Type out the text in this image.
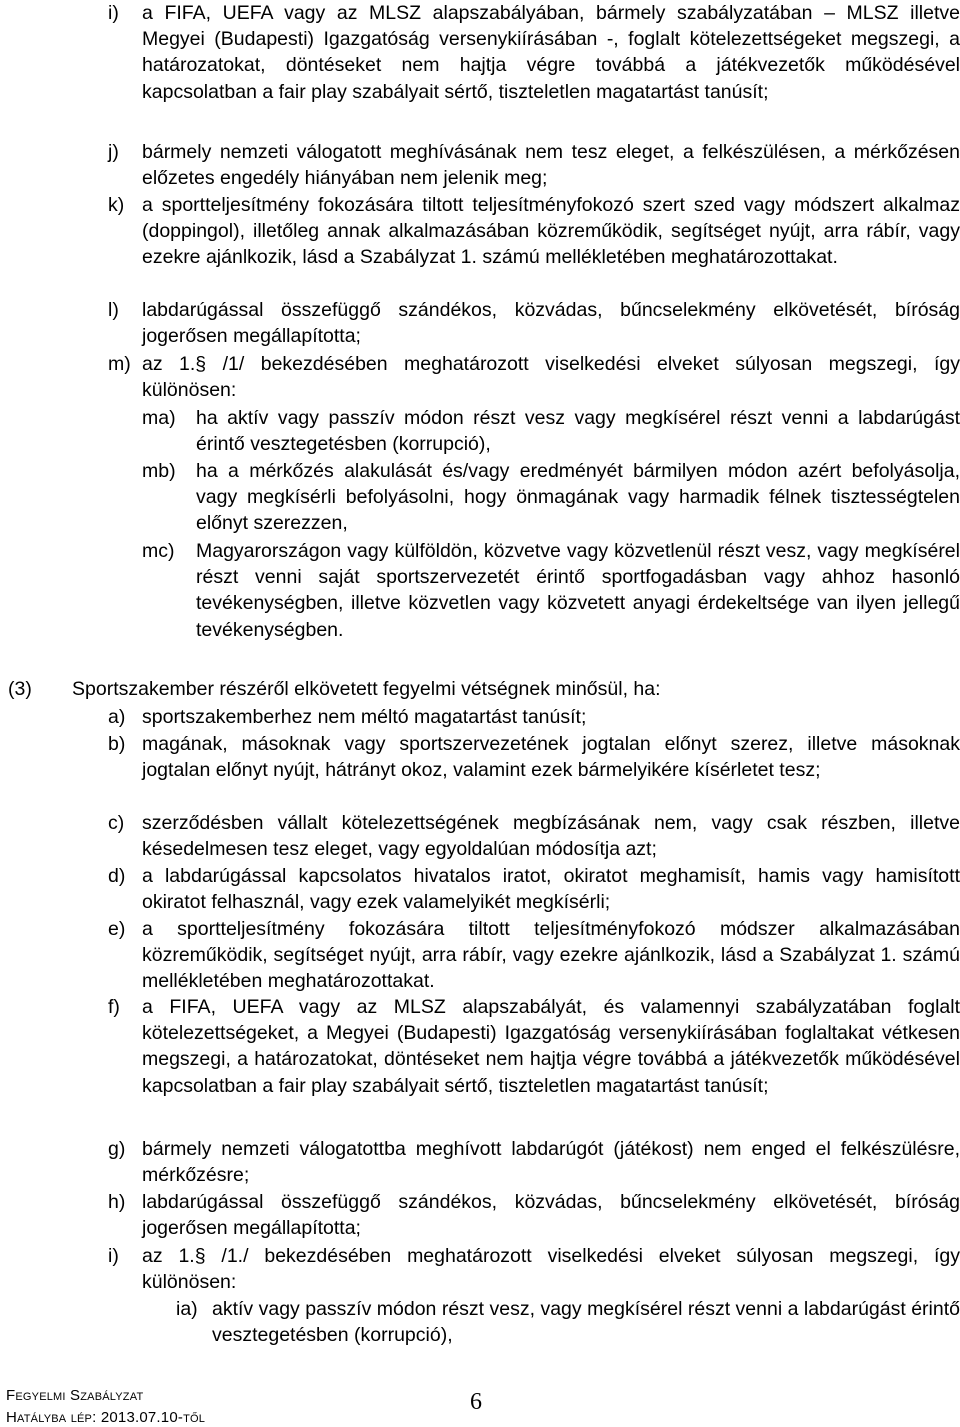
i) a FIFA, UEFA vagy az MLSZ alapszabályában, bármely szabályzatában – MLSZ illetve Megyei (Budapesti) Igazgatóság versenykiírásában -, foglalt kötelezettségeket megszegi, a határozatokat, döntéseket nem hajtja végre továbbá a játékvezetők működésével kapcsolatban a fair play szabályait sértő, tiszteletlen magatartást tanúsít;
j) bármely nemzeti válogatott meghívásának nem tesz eleget, a felkészülésen, a mérkőzésen előzetes engedély hiányában nem jelenik meg;
k) a sportteljesítmény fokozására tiltott teljesítményfokozó szert szed vagy módszert alkalmaz (doppingol), illetőleg annak alkalmazásában közreműködik, segítséget nyújt, arra rábír, vagy ezekre ajánlkozik, lásd a Szabályzat 1. számú mellékletében meghatározottakat.
l) labdarúgással összefüggő szándékos, közvádas, bűncselekmény elkövetését, bíróság jogerősen megállapította;
m) az 1.§ /1/ bekezdésében meghatározott viselkedési elveket súlyosan megszegi, így különösen:
ma) ha aktív vagy passzív módon részt vesz vagy megkísérel részt venni a labdarúgást érintő vesztegetésben (korrupció),
mb) ha a mérkőzés alakulását és/vagy eredményét bármilyen módon azért befolyásolja, vagy megkísérli befolyásolni, hogy önmagának vagy harmadik félnek tisztességtelen előnyt szerezzen,
mc) Magyarországon vagy külföldön, közvetve vagy közvetlenül részt vesz, vagy megkísérel részt venni saját sportszervezetét érintő sportfogadásban vagy ahhoz hasonló tevékenységben, illetve közvetlen vagy közvetett anyagi érdekeltsége van ilyen jellegű tevékenységben.
(3) Sportszakember részéről elkövetett fegyelmi vétségnek minősül, ha:
a) sportszakemberhez nem méltó magatartást tanúsít;
b) magának, másoknak vagy sportszervezetének jogtalan előnyt szerez, illetve másoknak jogtalan előnyt nyújt, hátrányt okoz, valamint ezek bármelyikére kísérletet tesz;
c) szerződésben vállalt kötelezettségének megbízásának nem, vagy csak részben, illetve késedelmesen tesz eleget, vagy egyoldalúan módosítja azt;
d) a labdarúgással kapcsolatos hivatalos iratot, okiratot meghamisít, hamis vagy hamisított okiratot felhasznál, vagy ezek valamelyikét megkísérli;
e) a sportteljesítmény fokozására tiltott teljesítményfokozó módszer alkalmazásában közreműködik, segítséget nyújt, arra rábír, vagy ezekre ajánlkozik, lásd a Szabályzat 1. számú mellékletében meghatározottakat.
f) a FIFA, UEFA vagy az MLSZ alapszabályát, és valamennyi szabályzatában foglalt kötelezettségeket, a Megyei (Budapesti) Igazgatóság versenykiírásában foglaltakat vétkesen megszegi, a határozatokat, döntéseket nem hajtja végre továbbá a játékvezetők működésével kapcsolatban a fair play szabályait sértő, tiszteletlen magatartást tanúsít;
g) bármely nemzeti válogatottba meghívott labdarúgót (játékost) nem enged el felkészülésre, mérkőzésre;
h) labdarúgással összefüggő szándékos, közvádas, bűncselekmény elkövetését, bíróság jogerősen megállapította;
i) az 1.§ /1./ bekezdésében meghatározott viselkedési elveket súlyosan megszegi, így különösen:
ia) aktív vagy passzív módon részt vesz, vagy megkísérel részt venni a labdarúgást érintő vesztegetésben (korrupció),
Fegyelmi Szabályzat
Hatályba lép: 2013.07.10-től
6
